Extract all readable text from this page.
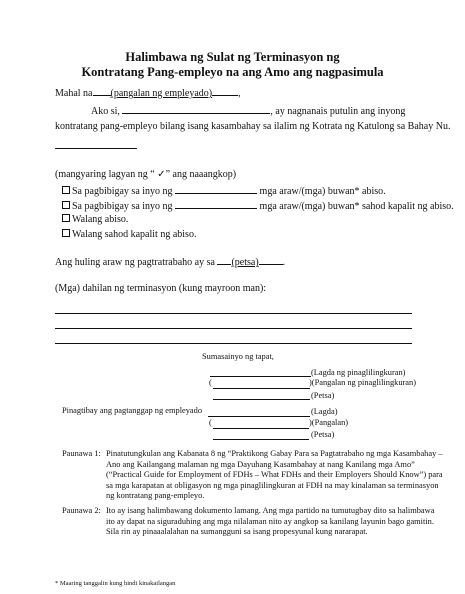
Halimbawa ng Sulat ng Terminasyon ng
Kontratang Pang-empleyo na ang Amo ang nagpasimula
Mahal na (pangalan ng empleyado)	,
Ako si,	, ay nagnanais putulin ang inyong
kontratang pang-empleyo bilang isang kasambahay sa ilalim ng Kotrata ng Katulong sa Bahay Nu.
(mangyaring lagyan ng “ ✓” ang naaangkop)
Sa pagbibigay sa inyo ng	mga araw/(mga) buwan* abiso.
Sa pagbibigay sa inyo ng	mga araw/(mga) buwan* sahod kapalit ng abiso.
Walang abiso.
Walang sahod kapalit ng abiso.
Ang huling araw ng pagtratrabaho ay sa (petsa) .
(Mga) dahilan ng terminasyon (kung mayroon man):
Sumasainyo ng tapat,
(Lagda ng pinaglilingkuran)
(	)(Pangalan ng pinaglilingkuran)
(Petsa)
Pinagtibay ang pagtanggap ng empleyado	(Lagda)
(	)(Pangalan)
(Petsa)
Paunawa 1: Pinatutungkulan ang Kabanata 8 ng “Praktikong Gabay Para sa Pagtatrabaho ng mga Kasambahay –
Ano ang Kailangang malaman ng mga Dayuhang Kasambahay at nang Kanilang mga Amo”
(“Practical Guide for Employment of FDHs – What FDHs and their Employers Should Know”) para
sa mga karapatan at obligasyon ng mga pinaglilingkuran at FDH na may kinalaman sa terminasyon
ng kontratang pang-empleyo.
Paunawa 2: Ito ay isang halimbawang dokumento lamang. Ang mga partido na tumutugbay dito sa halimbawa
ito ay dapat na siguraduhing ang mga nilalaman nito ay angkop sa kanilang layunin bago gamitin.
Sila rin ay pinaaalalahan na sumangguni sa isang propesyunal kung nararapat.
* Maaring tanggalin kung hindi kinakailangan
